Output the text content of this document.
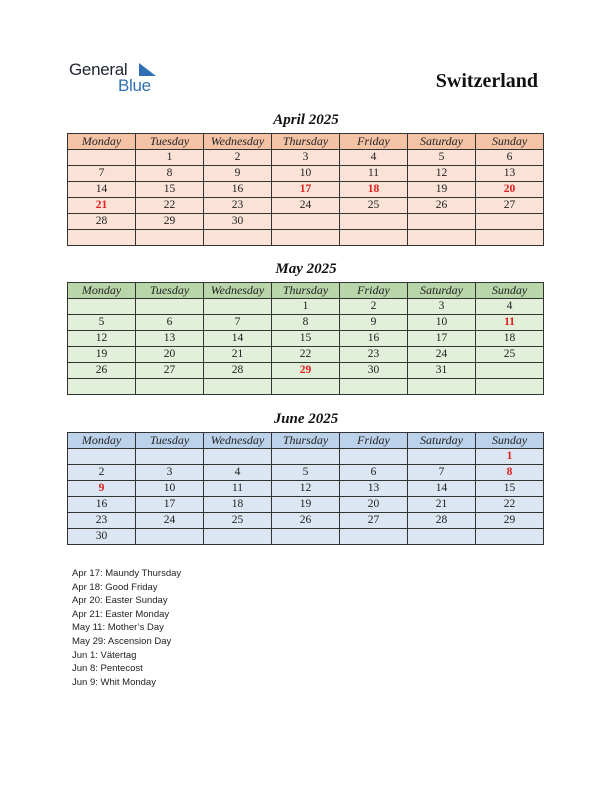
General
Blue	Switzerland
April 2025
Monday	Tuesday	Wednesday	Thursday	Friday	Saturday	Sunday
	1	2	3	4	5	6
7	8	9	10	11	12	13
14	15	16	17	18	19	20
21	22	23	24	25	26	27
28	29	30				

May 2025
Monday	Tuesday	Wednesday	Thursday	Friday	Saturday	Sunday
			1	2	3	4
5	6	7	8	9	10	11
12	13	14	15	16	17	18
19	20	21	22	23	24	25
26	27	28	29	30	31	

June 2025
Monday	Tuesday	Wednesday	Thursday	Friday	Saturday	Sunday
						1
2	3	4	5	6	7	8
9	10	11	12	13	14	15
16	17	18	19	20	21	22
23	24	25	26	27	28	29
30						
Apr 17: Maundy Thursday
Apr 18: Good Friday
Apr 20: Easter Sunday
Apr 21: Easter Monday
May 11: Mother’s Day
May 29: Ascension Day
Jun 1: Vätertag
Jun 8: Pentecost
Jun 9: Whit Monday
